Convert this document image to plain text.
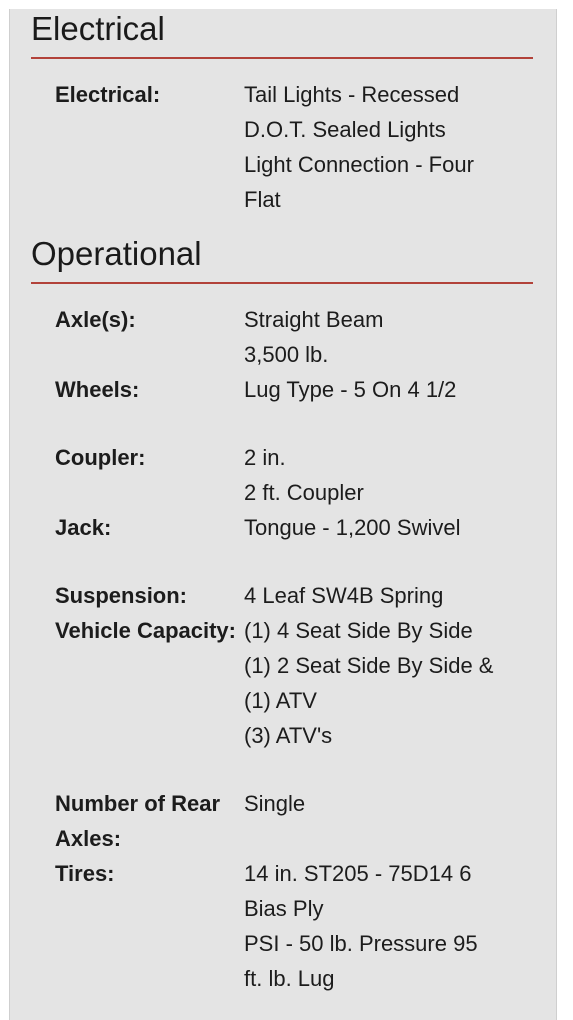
Electrical
Electrical:	Tail Lights - Recessed
D.O.T. Sealed Lights
Light Connection - Four
Flat
Operational
Axle(s):	Straight Beam
3,500 lb.
Wheels:	Lug Type - 5 On 4 1/2
Coupler:	2 in.
2 ft. Coupler
Jack:	Tongue - 1,200 Swivel
Suspension:	4 Leaf SW4B Spring
Vehicle Capacity: (1) 4 Seat Side By Side
(1) 2 Seat Side By Side &
(1) ATV
(3) ATV's
Number of Rear
Axles:
Single
Tires:	14 in. ST205 - 75D14 6
Bias Ply
PSI - 50 lb. Pressure 95
ft. lb. Lug
